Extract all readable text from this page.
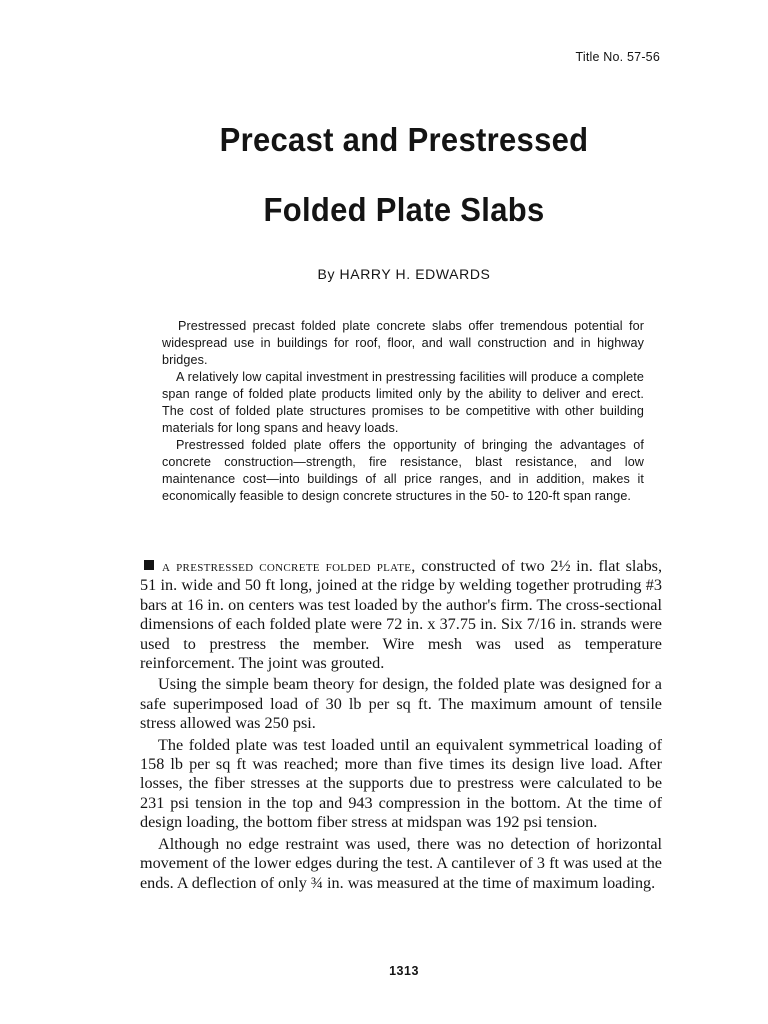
Title No. 57-56
Precast and Prestressed
Folded Plate Slabs
By HARRY H. EDWARDS

Prestressed precast folded plate concrete slabs offer tremendous potential for widespread use in buildings for roof, floor, and wall construction and in highway bridges.

A relatively low capital investment in prestressing facilities will produce a complete span range of folded plate products limited only by the ability to deliver and erect. The cost of folded plate structures promises to be competitive with other building materials for long spans and heavy loads.

Prestressed folded plate offers the opportunity of bringing the advantages of concrete construction—strength, fire resistance, blast resistance, and low maintenance cost—into buildings of all price ranges, and in addition, makes it economically feasible to design concrete structures in the 50- to 120-ft span range.

a prestressed concrete folded plate, constructed of two 2½ in. flat slabs, 51 in. wide and 50 ft long, joined at the ridge by welding together protruding #3 bars at 16 in. on centers was test loaded by the author's firm. The cross-sectional dimensions of each folded plate were 72 in. x 37.75 in. Six 7/16 in. strands were used to prestress the member. Wire mesh was used as temperature reinforcement. The joint was grouted.

Using the simple beam theory for design, the folded plate was designed for a safe superimposed load of 30 lb per sq ft. The maximum amount of tensile stress allowed was 250 psi.

The folded plate was test loaded until an equivalent symmetrical loading of 158 lb per sq ft was reached; more than five times its design live load. After losses, the fiber stresses at the supports due to prestress were calculated to be 231 psi tension in the top and 943 compression in the bottom. At the time of design loading, the bottom fiber stress at midspan was 192 psi tension.

Although no edge restraint was used, there was no detection of horizontal movement of the lower edges during the test. A cantilever of 3 ft was used at the ends. A deflection of only ¾ in. was measured at the time of maximum loading.

1313
